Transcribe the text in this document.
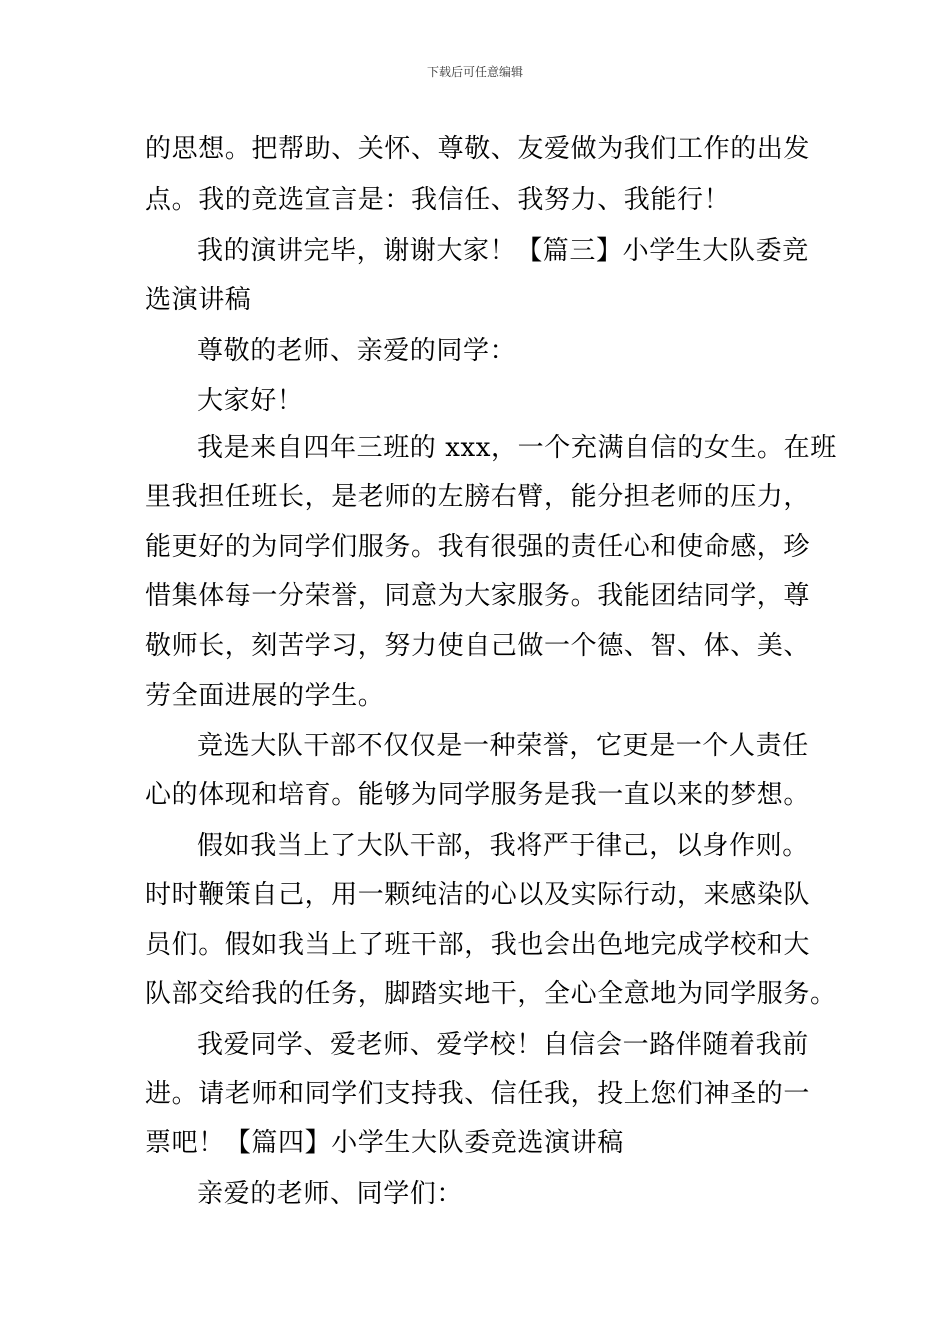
下载后可任意编辑
的思想。把帮助、关怀、尊敬、友爱做为我们工作的出发
点。我的竞选宣言是：我信任、我努力、我能行！
我的演讲完毕，谢谢大家！【篇三】小学生大队委竞
选演讲稿
尊敬的老师、亲爱的同学：
大家好！
我是来自四年三班的 xxx，一个充满自信的女生。在班
里我担任班长，是老师的左膀右臂，能分担老师的压力，
能更好的为同学们服务。我有很强的责任心和使命感，珍
惜集体每一分荣誉，同意为大家服务。我能团结同学，尊
敬师长，刻苦学习，努力使自己做一个德、智、体、美、
劳全面进展的学生。
竞选大队干部不仅仅是一种荣誉，它更是一个人责任
心的体现和培育。能够为同学服务是我一直以来的梦想。
假如我当上了大队干部，我将严于律己，以身作则。
时时鞭策自己，用一颗纯洁的心以及实际行动，来感染队
员们。假如我当上了班干部，我也会出色地完成学校和大
队部交给我的任务，脚踏实地干，全心全意地为同学服务。
我爱同学、爱老师、爱学校！自信会一路伴随着我前
进。请老师和同学们支持我、信任我，投上您们神圣的一
票吧！【篇四】小学生大队委竞选演讲稿
亲爱的老师、同学们：
